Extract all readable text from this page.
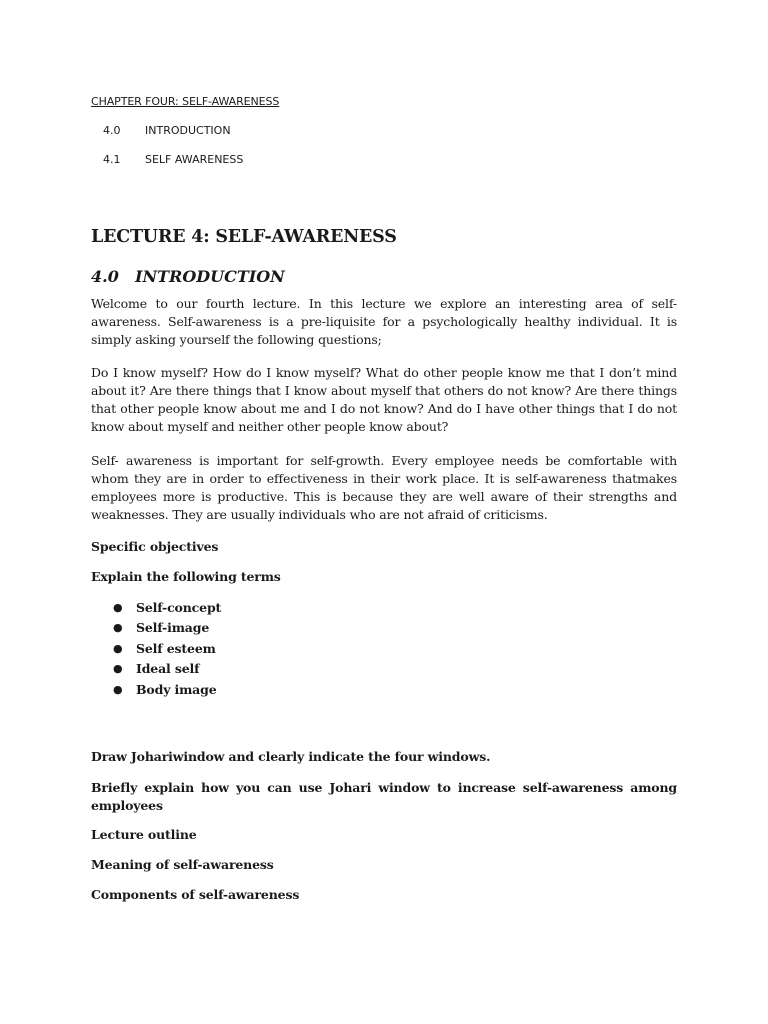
CHAPTER FOUR: SELF-AWARENESS

4.0	INTRODUCTION
4.1	SELF AWARENESS
LECTURE 4: SELF-AWARENESS
4.0	INTRODUCTION

Welcome to our fourth lecture. In this lecture we explore an interesting area of self-awareness. Self-awareness is a pre-liquisite for a psychologically healthy individual. It is simply asking yourself the following questions;

Do I know myself? How do I know myself? What do other people know me that I don’t mind about it? Are there things that I know about myself that others do not know? Are there things that other people know about me and I do not know? And do I have other things that I do not know about myself and neither other people know about?

Self- awareness is important for self-growth. Every employee needs be comfortable with whom they are in order to effectiveness in their work place. It is self-awareness thatmakes employees more is productive. This is because they are well aware of their strengths and weaknesses. They are usually individuals who are not afraid of criticisms.

Specific objectives

Explain the following terms

●	Self-concept
●	Self-image
●	Self esteem
●	Ideal self
●	Body image

Draw Johariwindow and clearly indicate the four windows.

Briefly explain how you can use Johari window to increase self-awareness among employees

Lecture outline

Meaning of self-awareness

Components of self-awareness
